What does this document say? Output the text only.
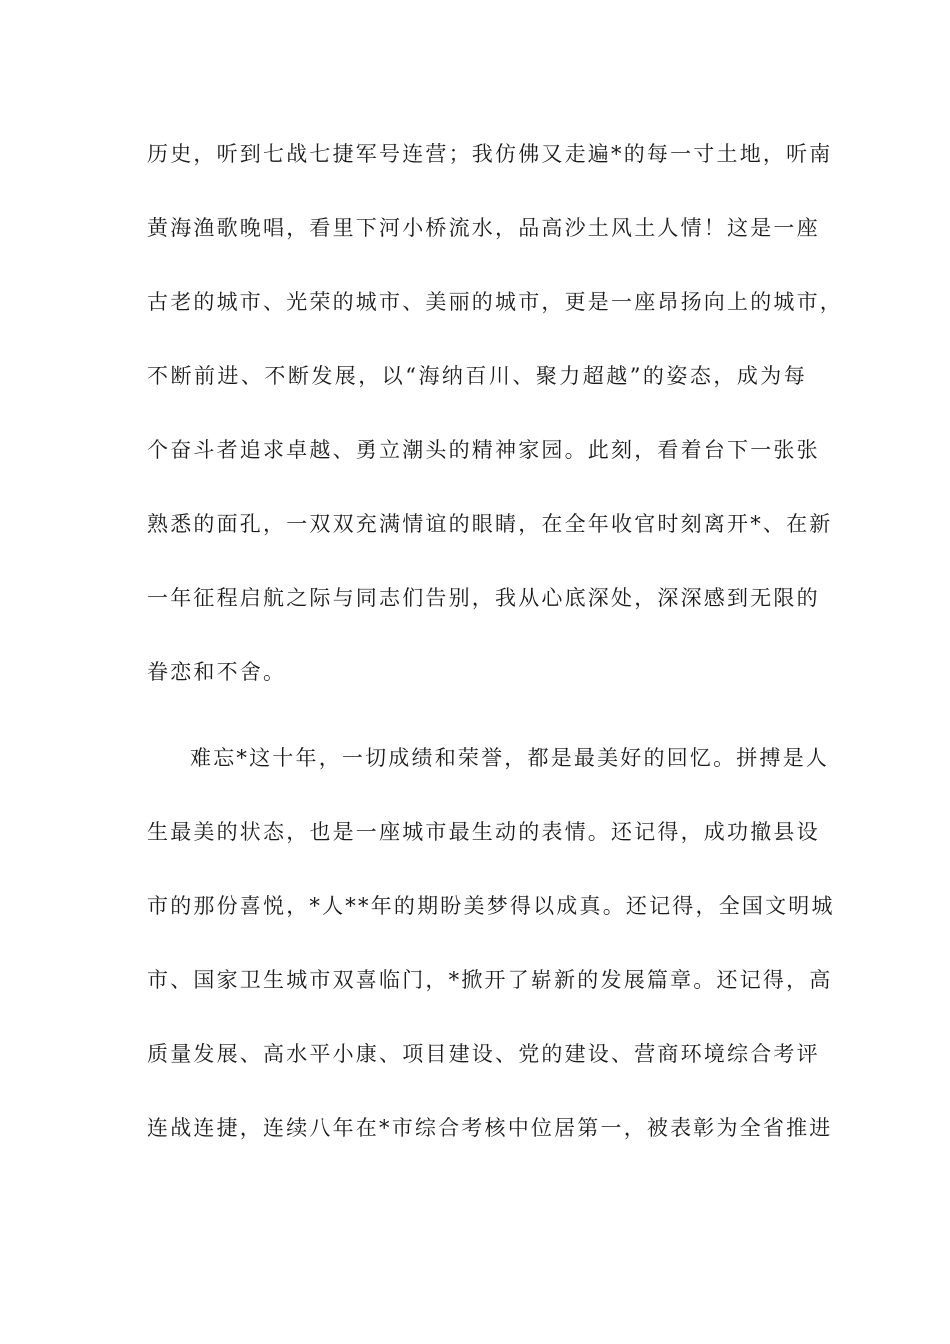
历史，听到七战七捷军号连营；我仿佛又走遍*的每一寸土地，听南
黄海渔歌晚唱，看里下河小桥流水，品高沙土风土人情！这是一座
古老的城市、光荣的城市、美丽的城市，更是一座昂扬向上的城市，
不断前进、不断发展，以“海纳百川、聚力超越”的姿态，成为每
个奋斗者追求卓越、勇立潮头的精神家园。此刻，看着台下一张张
熟悉的面孔，一双双充满情谊的眼睛，在全年收官时刻离开*、在新
一年征程启航之际与同志们告别，我从心底深处，深深感到无限的
眷恋和不舍。
难忘*这十年，一切成绩和荣誉，都是最美好的回忆。拼搏是人
生最美的状态，也是一座城市最生动的表情。还记得，成功撤县设
市的那份喜悦，*人**年的期盼美梦得以成真。还记得，全国文明城
市、国家卫生城市双喜临门，*掀开了崭新的发展篇章。还记得，高
质量发展、高水平小康、项目建设、党的建设、营商环境综合考评
连战连捷，连续八年在*市综合考核中位居第一，被表彰为全省推进
